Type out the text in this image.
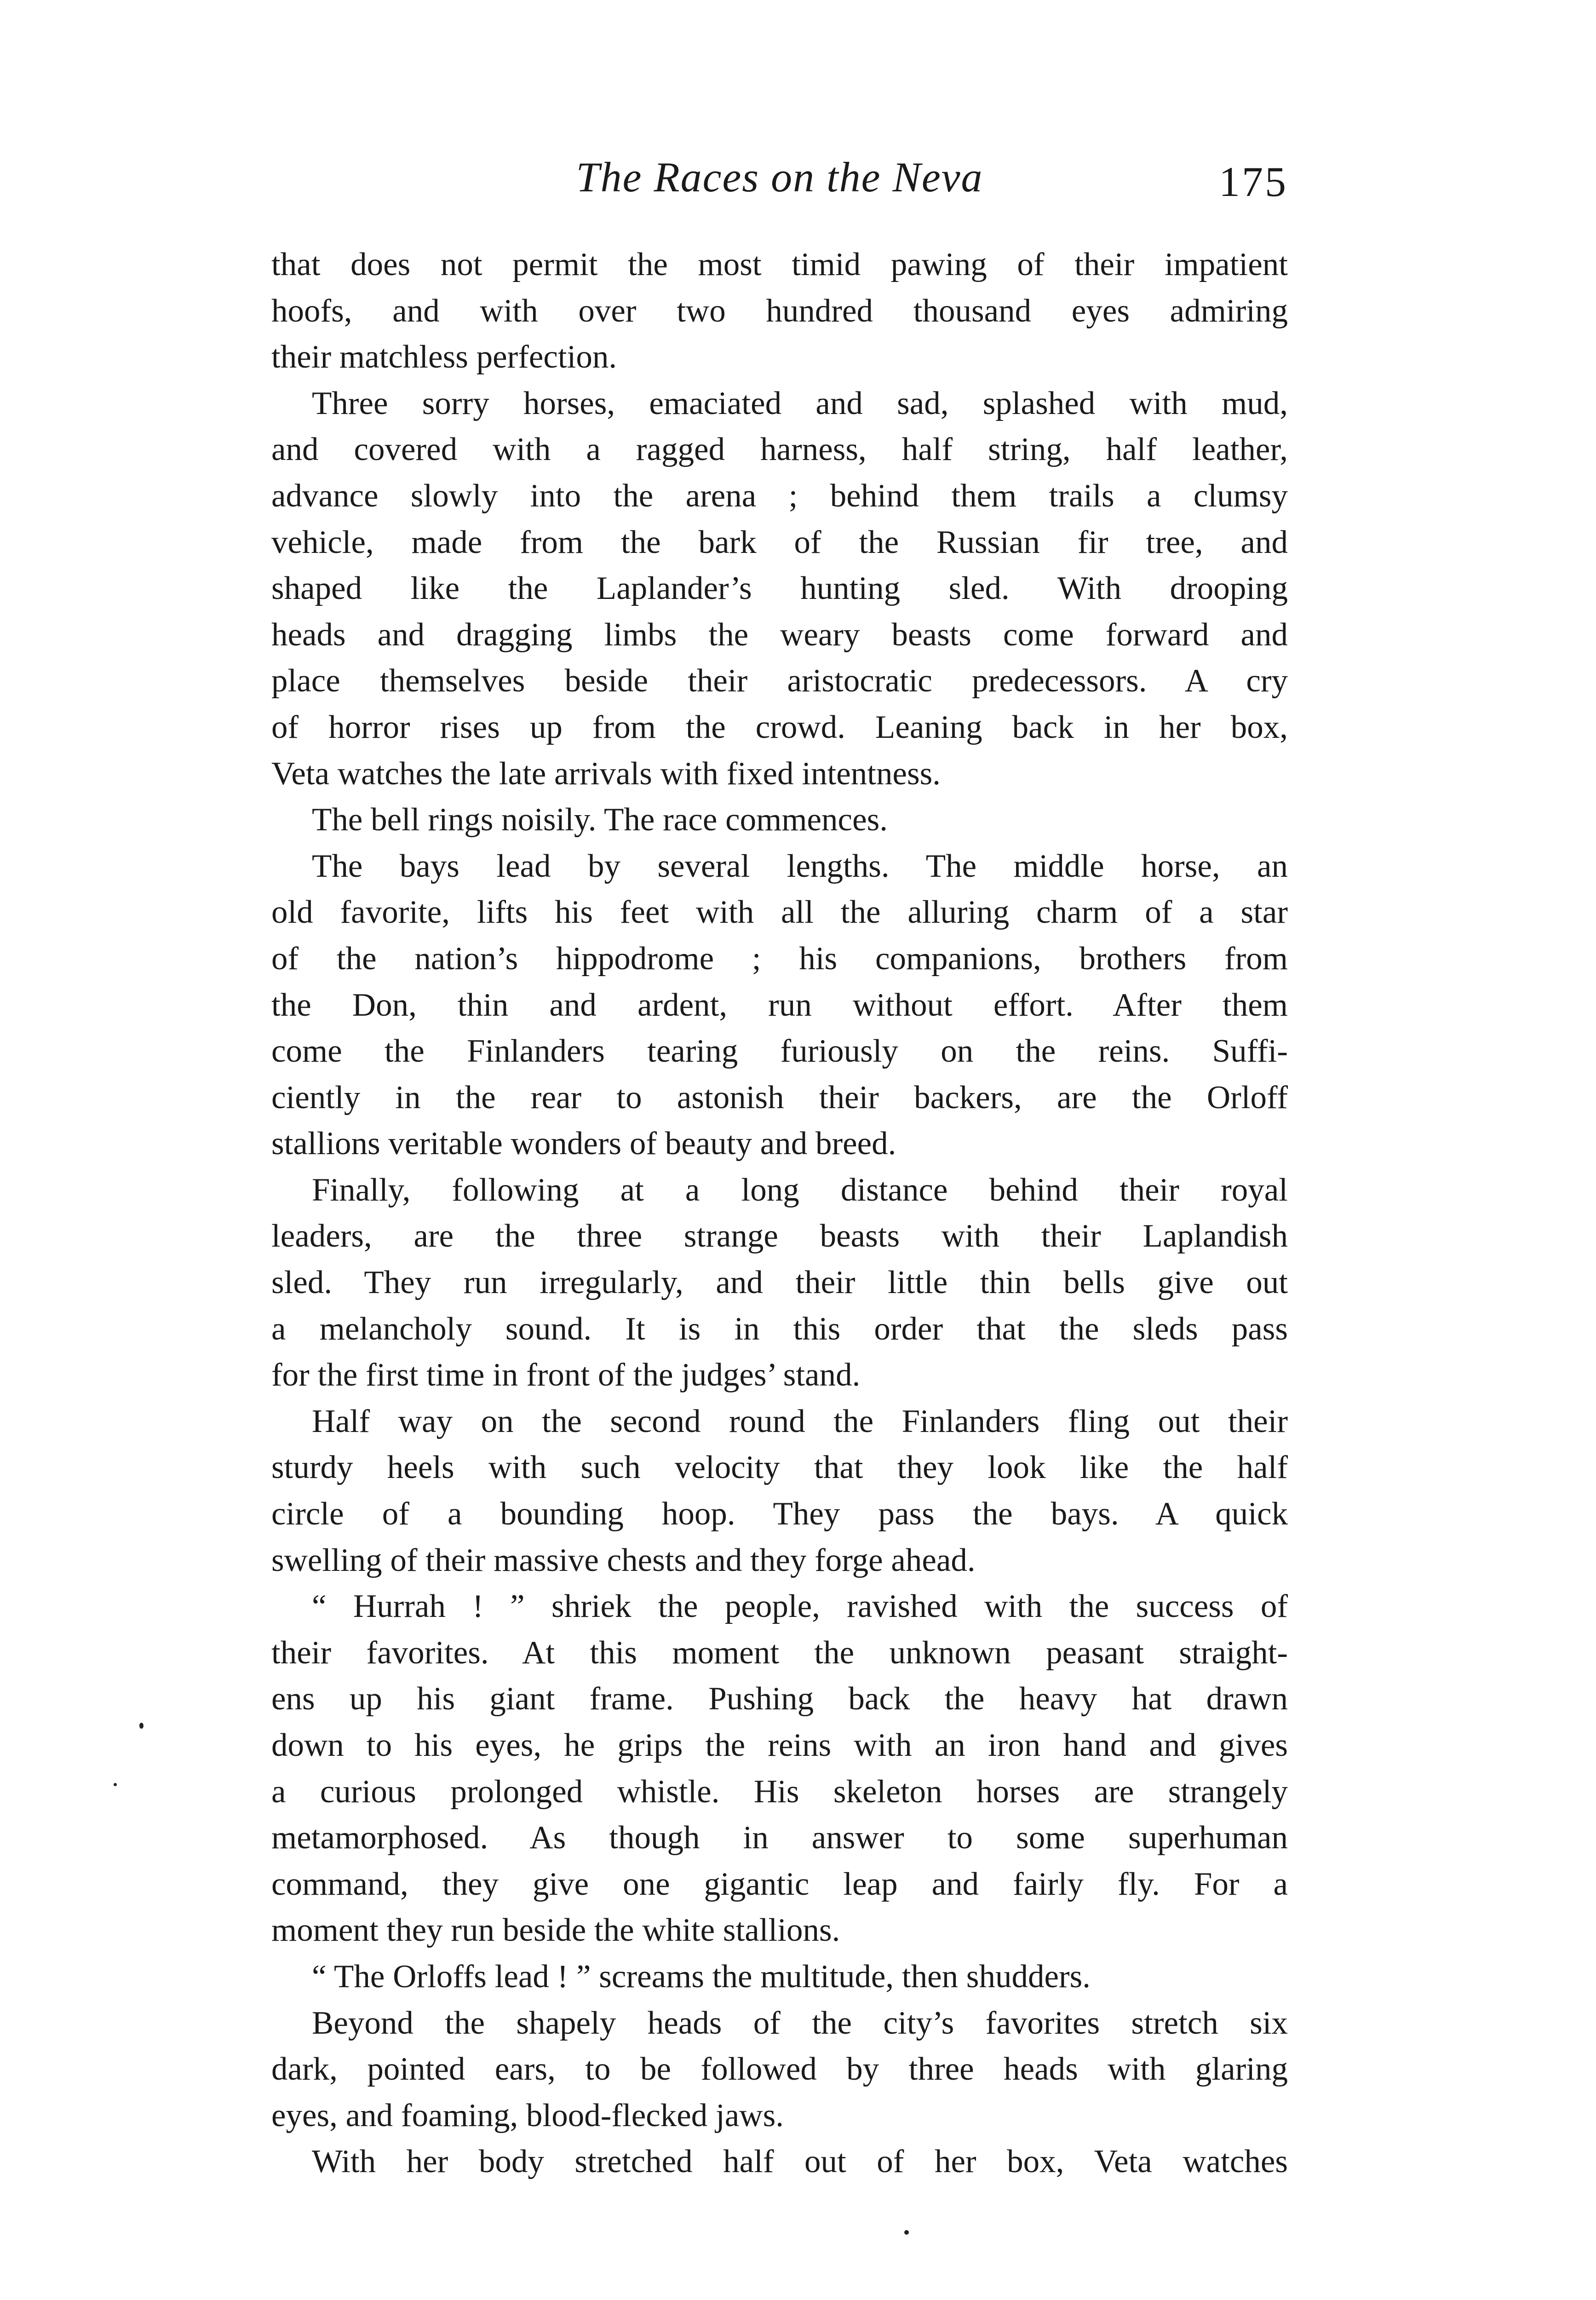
The Races on the Neva	175
that does not permit the most timid pawing of their impatient
hoofs, and with over two hundred thousand eyes admiring
their matchless perfection.
Three sorry horses, emaciated and sad, splashed with mud,
and covered with a ragged harness, half string, half leather,
advance slowly into the arena ; behind them trails a clumsy
vehicle, made from the bark of the Russian fir tree, and
shaped like the Laplander’s hunting sled. With drooping
heads and dragging limbs the weary beasts come forward and
place themselves beside their aristocratic predecessors. A cry
of horror rises up from the crowd. Leaning back in her box,
Veta watches the late arrivals with fixed intentness.
The bell rings noisily. The race commences.
The bays lead by several lengths. The middle horse, an
old favorite, lifts his feet with all the alluring charm of a star
of the nation’s hippodrome ; his companions, brothers from
the Don, thin and ardent, run without effort. After them
come the Finlanders tearing furiously on the reins. Suffi-
ciently in the rear to astonish their backers, are the Orloff
stallions veritable wonders of beauty and breed.
Finally, following at a long distance behind their royal
leaders, are the three strange beasts with their Laplandish
sled. They run irregularly, and their little thin bells give out
a melancholy sound. It is in this order that the sleds pass
for the first time in front of the judges’ stand.
Half way on the second round the Finlanders fling out their
sturdy heels with such velocity that they look like the half
circle of a bounding hoop. They pass the bays. A quick
swelling of their massive chests and they forge ahead.
“ Hurrah ! ” shriek the people, ravished with the success of
their favorites. At this moment the unknown peasant straight-
ens up his giant frame. Pushing back the heavy hat drawn
down to his eyes, he grips the reins with an iron hand and gives
a curious prolonged whistle. His skeleton horses are strangely
metamorphosed. As though in answer to some superhuman
command, they give one gigantic leap and fairly fly. For a
moment they run beside the white stallions.
“ The Orloffs lead ! ” screams the multitude, then shudders.
Beyond the shapely heads of the city’s favorites stretch six
dark, pointed ears, to be followed by three heads with glaring
eyes, and foaming, blood-flecked jaws.
With her body stretched half out of her box, Veta watches
